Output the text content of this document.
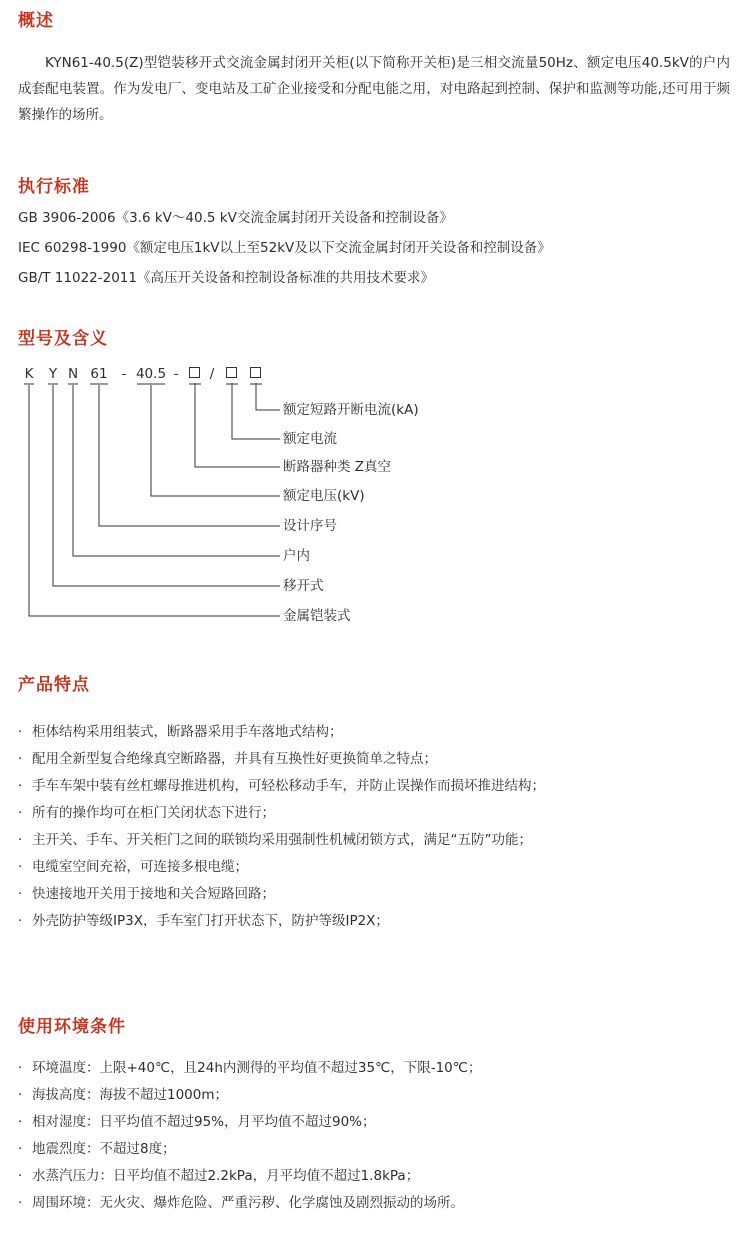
概述

KYN61-40.5(Z)型铠装移开式交流金属封闭开关柜(以下简称开关柜)是三相交流量50Hz、额定电压40.5kV的户内成套配电装置。作为发电厂、变电站及工矿企业接受和分配电能之用，对电路起到控制、保护和监测等功能,还可用于频繁操作的场所。

执行标准

GB 3906-2006《3.6 kV～40.5 kV交流金属封闭开关设备和控制设备》

IEC 60298-1990《额定电压1kV以上至52kV及以下交流金属封闭开关设备和控制设备》

GB/T 11022-2011《高压开关设备和控制设备标准的共用技术要求》

型号及含义
K Y N 61 - 40.5 - /
额定短路开断电流(kA)
额定电流
断路器种类 Z真空
额定电压(kV)
设计序号
户内
移开式
金属铠装式
产品特点

· 柜体结构采用组装式，断路器采用手车落地式结构；

· 配用全新型复合绝缘真空断路器，并具有互换性好更换简单之特点；

· 手车车架中装有丝杠螺母推进机构，可轻松移动手车，并防止误操作而损坏推进结构；

· 所有的操作均可在柜门关闭状态下进行；

· 主开关、手车、开关柜门之间的联锁均采用强制性机械闭锁方式，满足“五防”功能；

· 电缆室空间充裕，可连接多根电缆；

· 快速接地开关用于接地和关合短路回路；

· 外壳防护等级IP3X，手车室门打开状态下，防护等级IP2X；

使用环境条件

· 环境温度：上限+40℃，且24h内测得的平均值不超过35℃，下限-10℃；

· 海拔高度：海拔不超过1000m；

· 相对湿度：日平均值不超过95%，月平均值不超过90%；

· 地震烈度：不超过8度；

· 水蒸汽压力：日平均值不超过2.2kPa，月平均值不超过1.8kPa；

· 周围环境：无火灾、爆炸危险、严重污秽、化学腐蚀及剧烈振动的场所。
